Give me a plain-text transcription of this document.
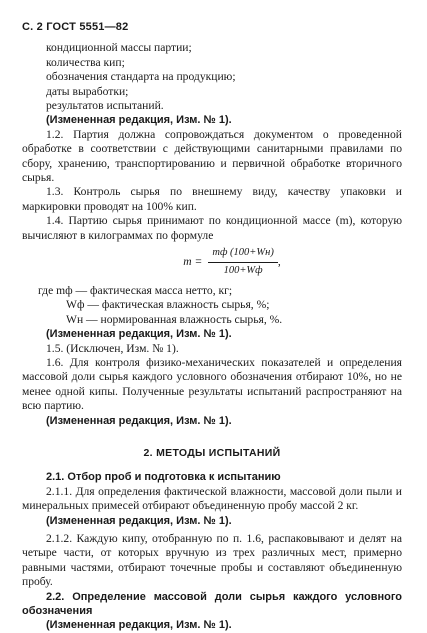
С. 2 ГОСТ 5551—82
кондиционной массы партии;
количества кип;
обозначения стандарта на продукцию;
даты выработки;
результатов испытаний.
(Измененная редакция, Изм. № 1).

1.2. Партия должна сопровождаться документом о проведенной обработке в соответствии с действующими санитарными правилами по сбору, хранению, транспортированию и первичной обработке вторичного сырья.

1.3. Контроль сырья по внешнему виду, качеству упаковки и маркировки проводят на 100% кип.

1.4. Партию сырья принимают по кондиционной массе (m), которую вычисляют в килограммах по формуле

$m = \frac{mф (100+Wн)}{100+Wф}$ ,
где mф — фактическая масса нетто, кг;
Wф — фактическая влажность сырья, %;
Wн — нормированная влажность сырья, %.
(Измененная редакция, Изм. № 1).

1.5. (Исключен, Изм. № 1).

1.6. Для контроля физико-механических показателей и определения массовой доли сырья каждого условного обозначения отбирают 10%, но не менее одной кипы. Полученные результаты испытаний распространяют на всю партию.

(Измененная редакция, Изм. № 1).
2. МЕТОДЫ ИСПЫТАНИЙ

2.1. Отбор проб и подготовка к испытанию

2.1.1. Для определения фактической влажности, массовой доли пыли и минеральных примесей отбирают объединенную пробу массой 2 кг.

(Измененная редакция, Изм. № 1).

2.1.2. Каждую кипу, отобранную по п. 1.6, распаковывают и делят на четыре части, от которых вручную из трех различных мест, примерно равными частями, отбирают точечные пробы и составляют объединенную пробу.

2.2. Определение массовой доли сырья каждого условного обозначения

(Измененная редакция, Изм. № 1).
